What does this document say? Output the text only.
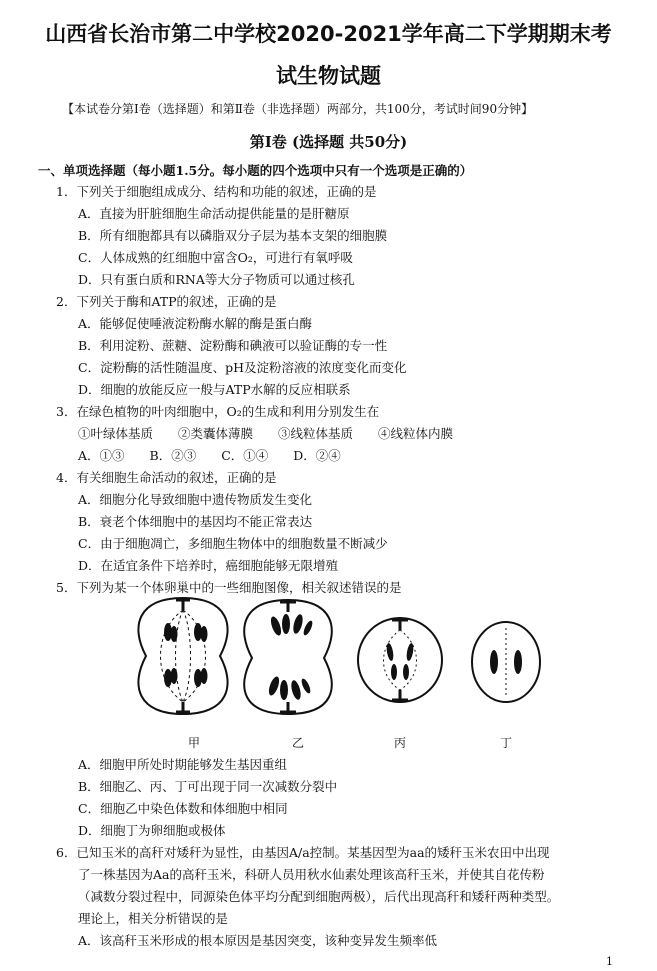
山西省长治市第二中学校2020-2021学年高二下学期期末考
试生物试题
【本试卷分第Ⅰ卷（选择题）和第Ⅱ卷（非选择题）两部分，共100分，考试时间90分钟】
第Ⅰ卷 (选择题 共50分)
一、单项选择题（每小题1.5分。每小题的四个选项中只有一个选项是正确的）
1．下列关于细胞组成成分、结构和功能的叙述，正确的是
A．直接为肝脏细胞生命活动提供能量的是肝糖原
B．所有细胞都具有以磷脂双分子层为基本支架的细胞膜
C．人体成熟的红细胞中富含O₂，可进行有氧呼吸
D．只有蛋白质和RNA等大分子物质可以通过核孔
2．下列关于酶和ATP的叙述，正确的是
A．能够促使唾液淀粉酶水解的酶是蛋白酶
B．利用淀粉、蔗糖、淀粉酶和碘液可以验证酶的专一性
C．淀粉酶的活性随温度、pH及淀粉溶液的浓度变化而变化
D．细胞的放能反应一般与ATP水解的反应相联系
3．在绿色植物的叶肉细胞中，O₂的生成和利用分别发生在
①叶绿体基质　　②类囊体薄膜　　③线粒体基质　　④线粒体内膜
A．①③　　B．②③　　C．①④　　D．②④
4．有关细胞生命活动的叙述，正确的是
A．细胞分化导致细胞中遗传物质发生变化
B．衰老个体细胞中的基因均不能正常表达
C．由于细胞凋亡，多细胞生物体中的细胞数量不断减少
D．在适宜条件下培养时，癌细胞能够无限增殖
5．下列为某一个体卵巢中的一些细胞图像，相关叙述错误的是
甲	乙	丙	丁
A．细胞甲所处时期能够发生基因重组
B．细胞乙、丙、丁可出现于同一次减数分裂中
C．细胞乙中染色体数和体细胞中相同
D．细胞丁为卵细胞或极体
6．已知玉米的高秆对矮秆为显性，由基因A/a控制。某基因型为aa的矮秆玉米农田中出现
了一株基因为Aa的高秆玉米，科研人员用秋水仙素处理该高秆玉米，并使其自花传粉
（减数分裂过程中，同源染色体平均分配到细胞两极），后代出现高秆和矮秆两种类型。
理论上，相关分析错误的是
A．该高秆玉米形成的根本原因是基因突变，该种变异发生频率低
1
